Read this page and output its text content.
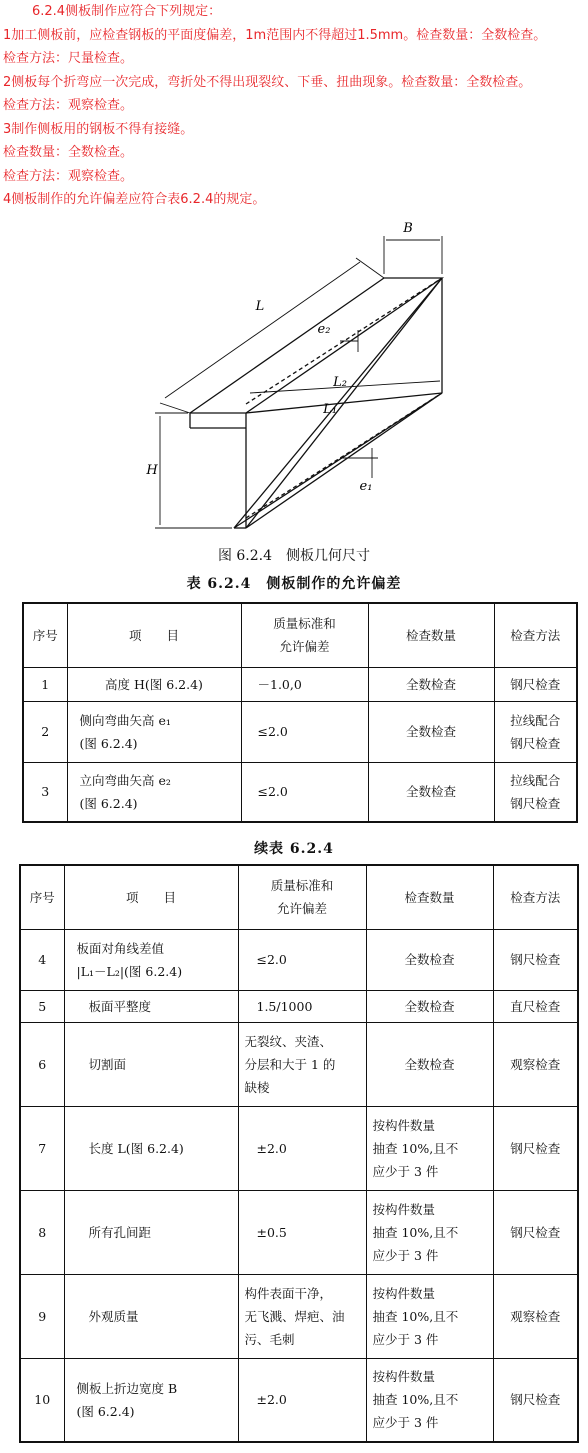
6.2.4侧板制作应符合下列规定：
1加工侧板前，应检查钢板的平面度偏差，1m范围内不得超过1.5mm。检查数量：全数检查。
检查方法：尺量检查。
2侧板每个折弯应一次完成，弯折处不得出现裂纹、下垂、扭曲现象。检查数量：全数检查。
检查方法：观察检查。
3制作侧板用的钢板不得有接缝。
检查数量：全数检查。
检查方法：观察检查。
4侧板制作的允许偏差应符合表6.2.4的规定。
B
L
e₂
L₂
L₁
H
e₁
图 6.2.4　侧板几何尺寸
表 6.2.4　侧板制作的允许偏差
序号	项　　目	质量标准和
允许偏差	检查数量	检查方法
1	高度 H(图 6.2.4)	－1.0,0	全数检查	钢尺检查
2	侧向弯曲矢高 e₁
(图 6.2.4)	≤2.0	全数检查	拉线配合
钢尺检查
3	立向弯曲矢高 e₂
(图 6.2.4)	≤2.0	全数检查	拉线配合
钢尺检查
续表 6.2.4
序号	项　　目	质量标准和
允许偏差	检查数量	检查方法
4	板面对角线差值
|L₁－L₂|(图 6.2.4)	≤2.0	全数检查	钢尺检查
5	板面平整度	1.5/1000	全数检查	直尺检查
6	切割面	无裂纹、夹渣、
分层和大于 1 的
缺棱	全数检查	观察检查
7	长度 L(图 6.2.4)	±2.0	按构件数量
抽查 10%,且不
应少于 3 件	钢尺检查
8	所有孔间距	±0.5	按构件数量
抽查 10%,且不
应少于 3 件	钢尺检查
9	外观质量	构件表面干净，
无飞溅、焊疤、油
污、毛刺	按构件数量
抽查 10%,且不
应少于 3 件	观察检查
10	侧板上折边宽度 B
(图 6.2.4)	±2.0	按构件数量
抽查 10%,且不
应少于 3 件	钢尺检查
